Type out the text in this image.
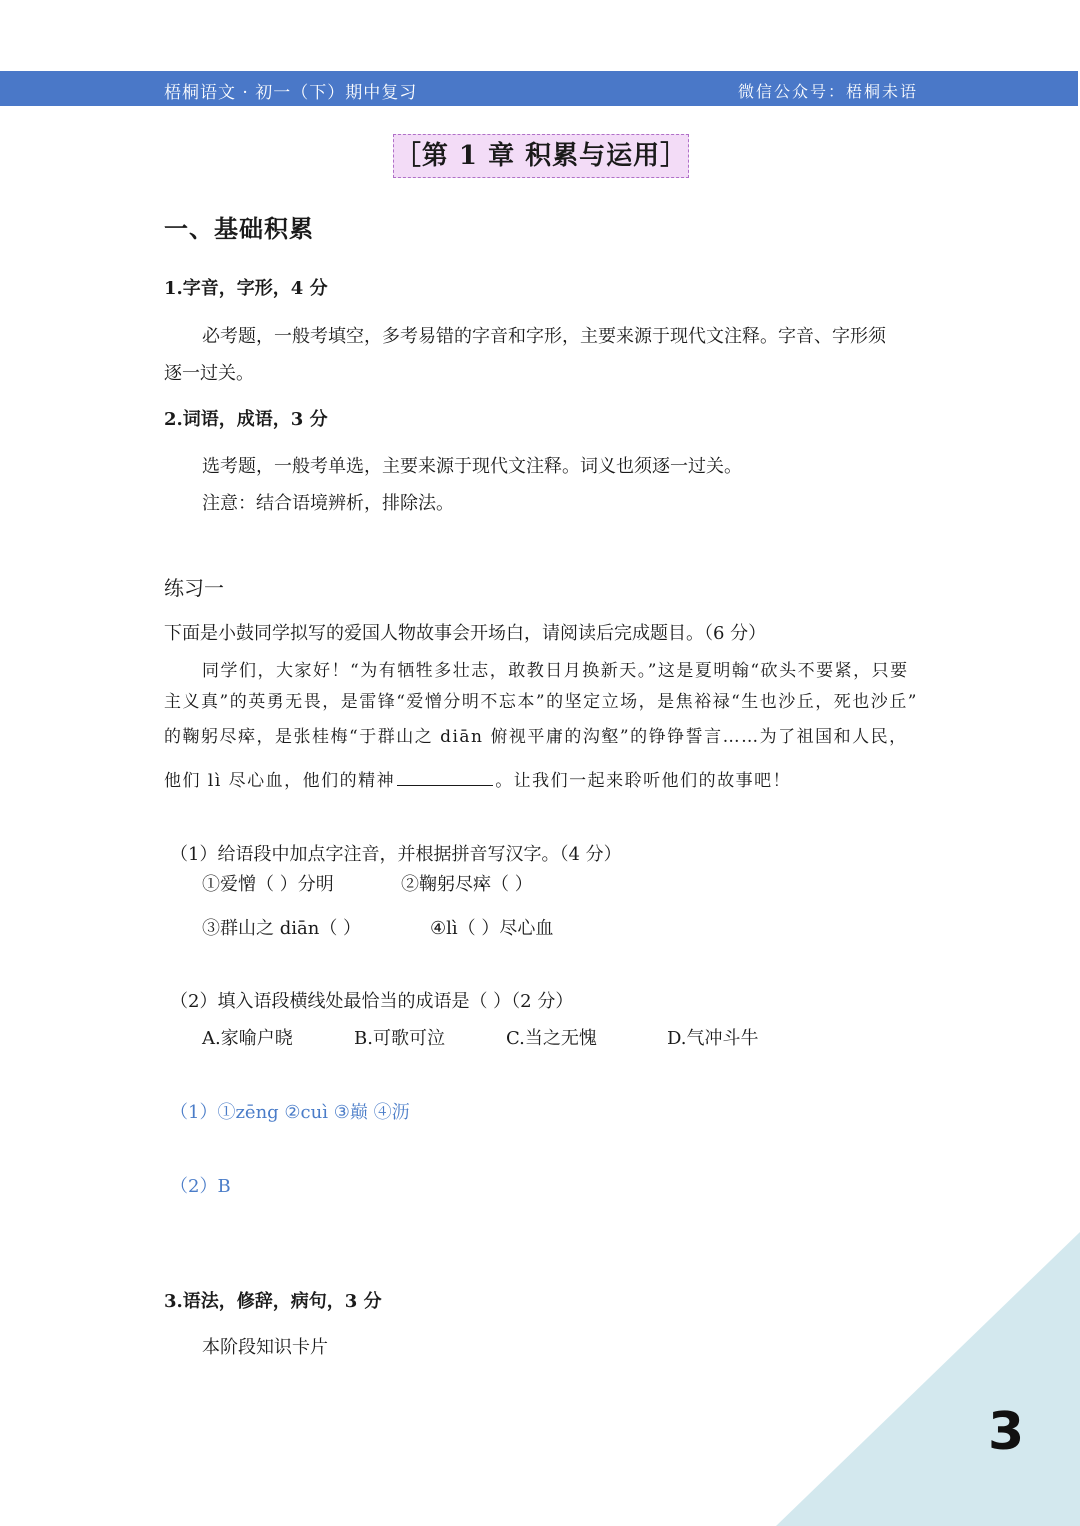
梧桐语文 · 初一（下）期中复习	微信公众号：梧桐未语
［第 1 章 积累与运用］
一、基础积累
1.字音，字形，4 分
必考题，一般考填空，多考易错的字音和字形，主要来源于现代文注释。字音、字形须
逐一过关。
2.词语，成语，3 分
选考题，一般考单选，主要来源于现代文注释。词义也须逐一过关。
注意：结合语境辨析，排除法。
练习一
下面是小鼓同学拟写的爱国人物故事会开场白，请阅读后完成题目。（6 分）
同学们，大家好！“为有牺牲多壮志，敢教日月换新天。”这是夏明翰“砍头不要紧，只要
主义真”的英勇无畏，是雷锋“爱憎分明不忘本”的坚定立场，是焦裕禄“生也沙丘，死也沙丘”
的鞠躬尽瘁 •，是张桂梅“于群山之 diān 俯视平庸的沟壑”的铮铮誓言……为了祖国和人民，
他们 lì 尽心血，他们的精神	。让我们一起来聆听他们的故事吧！
（1）给语段中加点字注音，并根据拼音写汉字。（4 分）
①爱憎 •（ ）分明	②鞠躬尽瘁 •（ ）
③群山之 diān（ ）	④lì（ ）尽心血
（2）填入语段横线处最恰当的成语是（ ）（2 分）
A.家喻户晓	B.可歌可泣	C.当之无愧	D.气冲斗牛
（1）①zēng ②cuì ③巅 ④沥
（2）B
3.语法，修辞，病句，3 分
本阶段知识卡片
3
